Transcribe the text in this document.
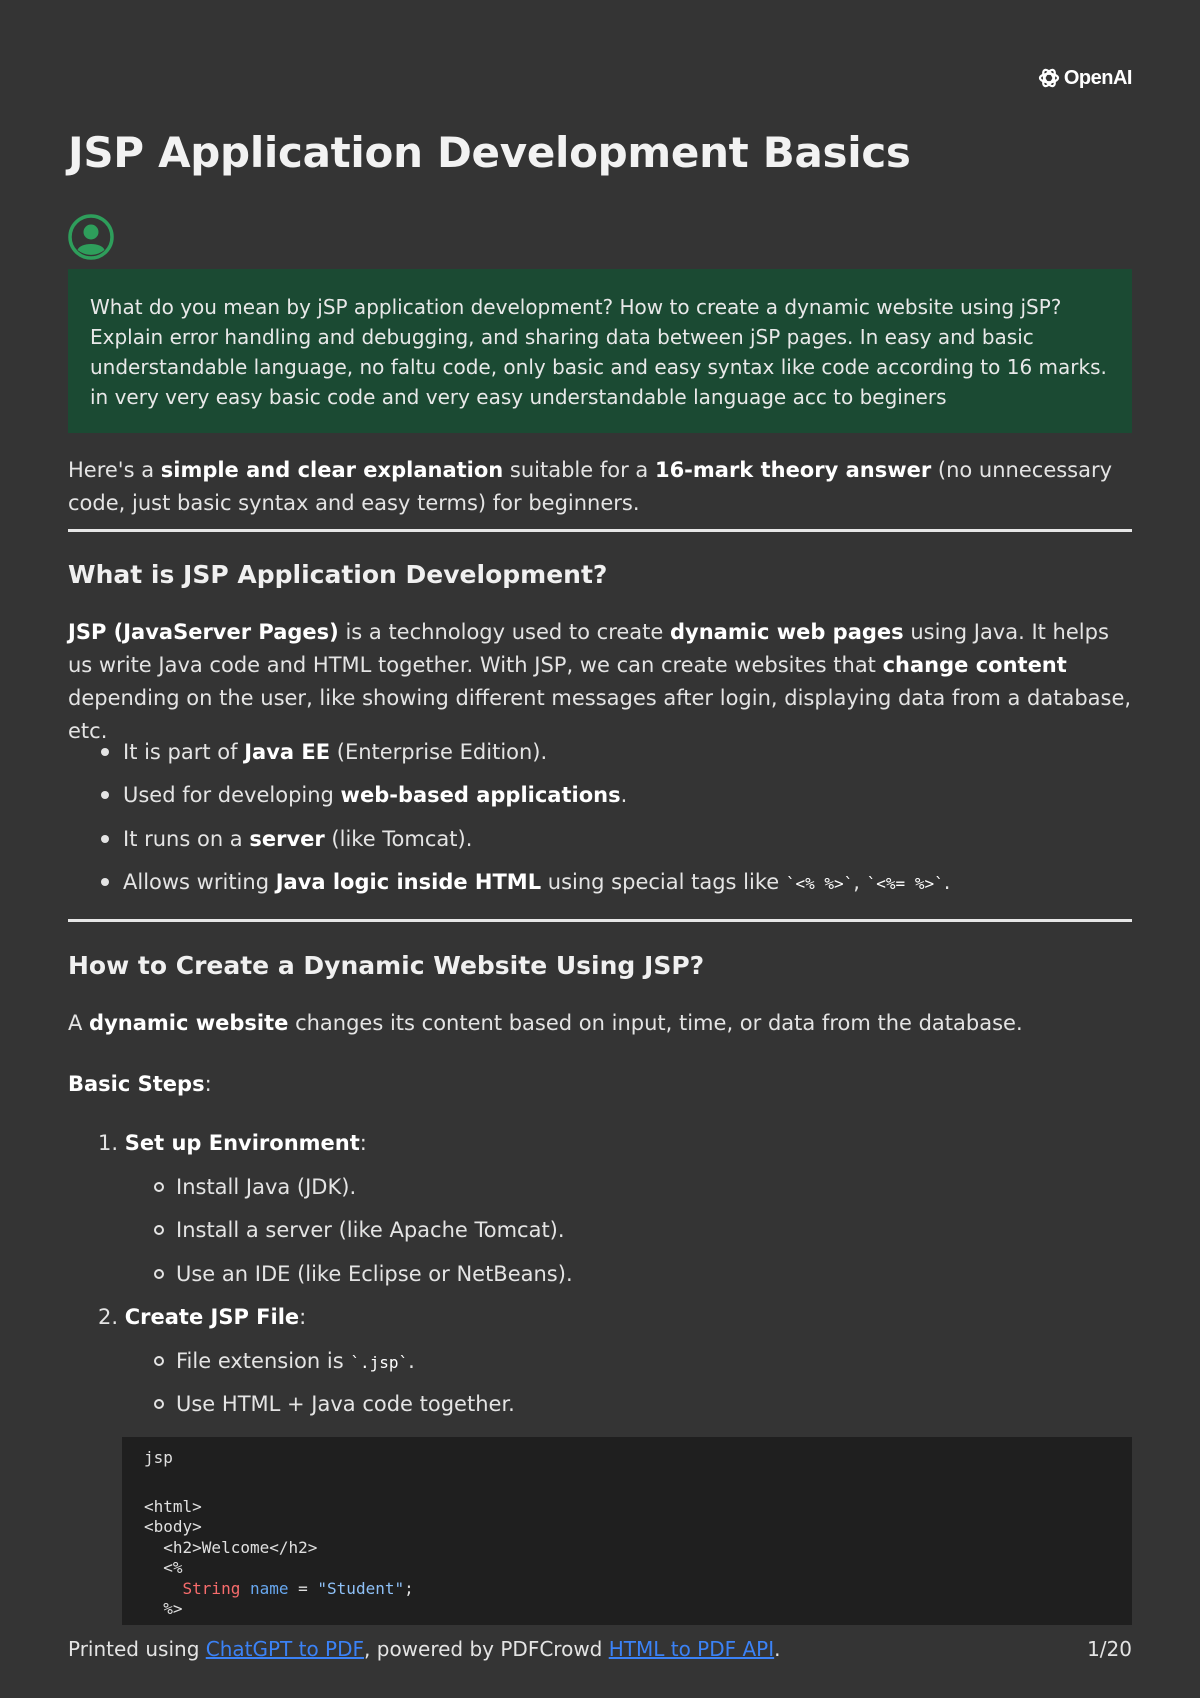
OpenAI
JSP Application Development Basics
What do you mean by jSP application development? How to create a dynamic website using jSP? Explain error handling and debugging, and sharing data between jSP pages. In easy and basic understandable language, no faltu code, only basic and easy syntax like code according to 16 marks. in very very easy basic code and very easy understandable language acc to beginers

Here's a simple and clear explanation suitable for a 16-mark theory answer (no unnecessary code, just basic syntax and easy terms) for beginners.

What is JSP Application Development?

JSP (JavaServer Pages) is a technology used to create dynamic web pages using Java. It helps us write Java code and HTML together. With JSP, we can create websites that change content depending on the user, like showing different messages after login, displaying data from a database, etc.

It is part of Java EE (Enterprise Edition).
Used for developing web-based applications.
It runs on a server (like Tomcat).
Allows writing Java logic inside HTML using special tags like `<% %>`, `<%= %>`.
How to Create a Dynamic Website Using JSP?

A dynamic website changes its content based on input, time, or data from the database.

Basic Steps:

1. Set up Environment:
Install Java (JDK).
Install a server (like Apache Tomcat).
Use an IDE (like Eclipse or NetBeans).
2. Create JSP File:
File extension is `.jsp`.
Use HTML + Java code together.
jsp
<html>
<body>
<h2>Welcome</h2>
<%
String name = "Student";
%>
Printed using ChatGPT to PDF, powered by PDFCrowd HTML to PDF API.	1/20
